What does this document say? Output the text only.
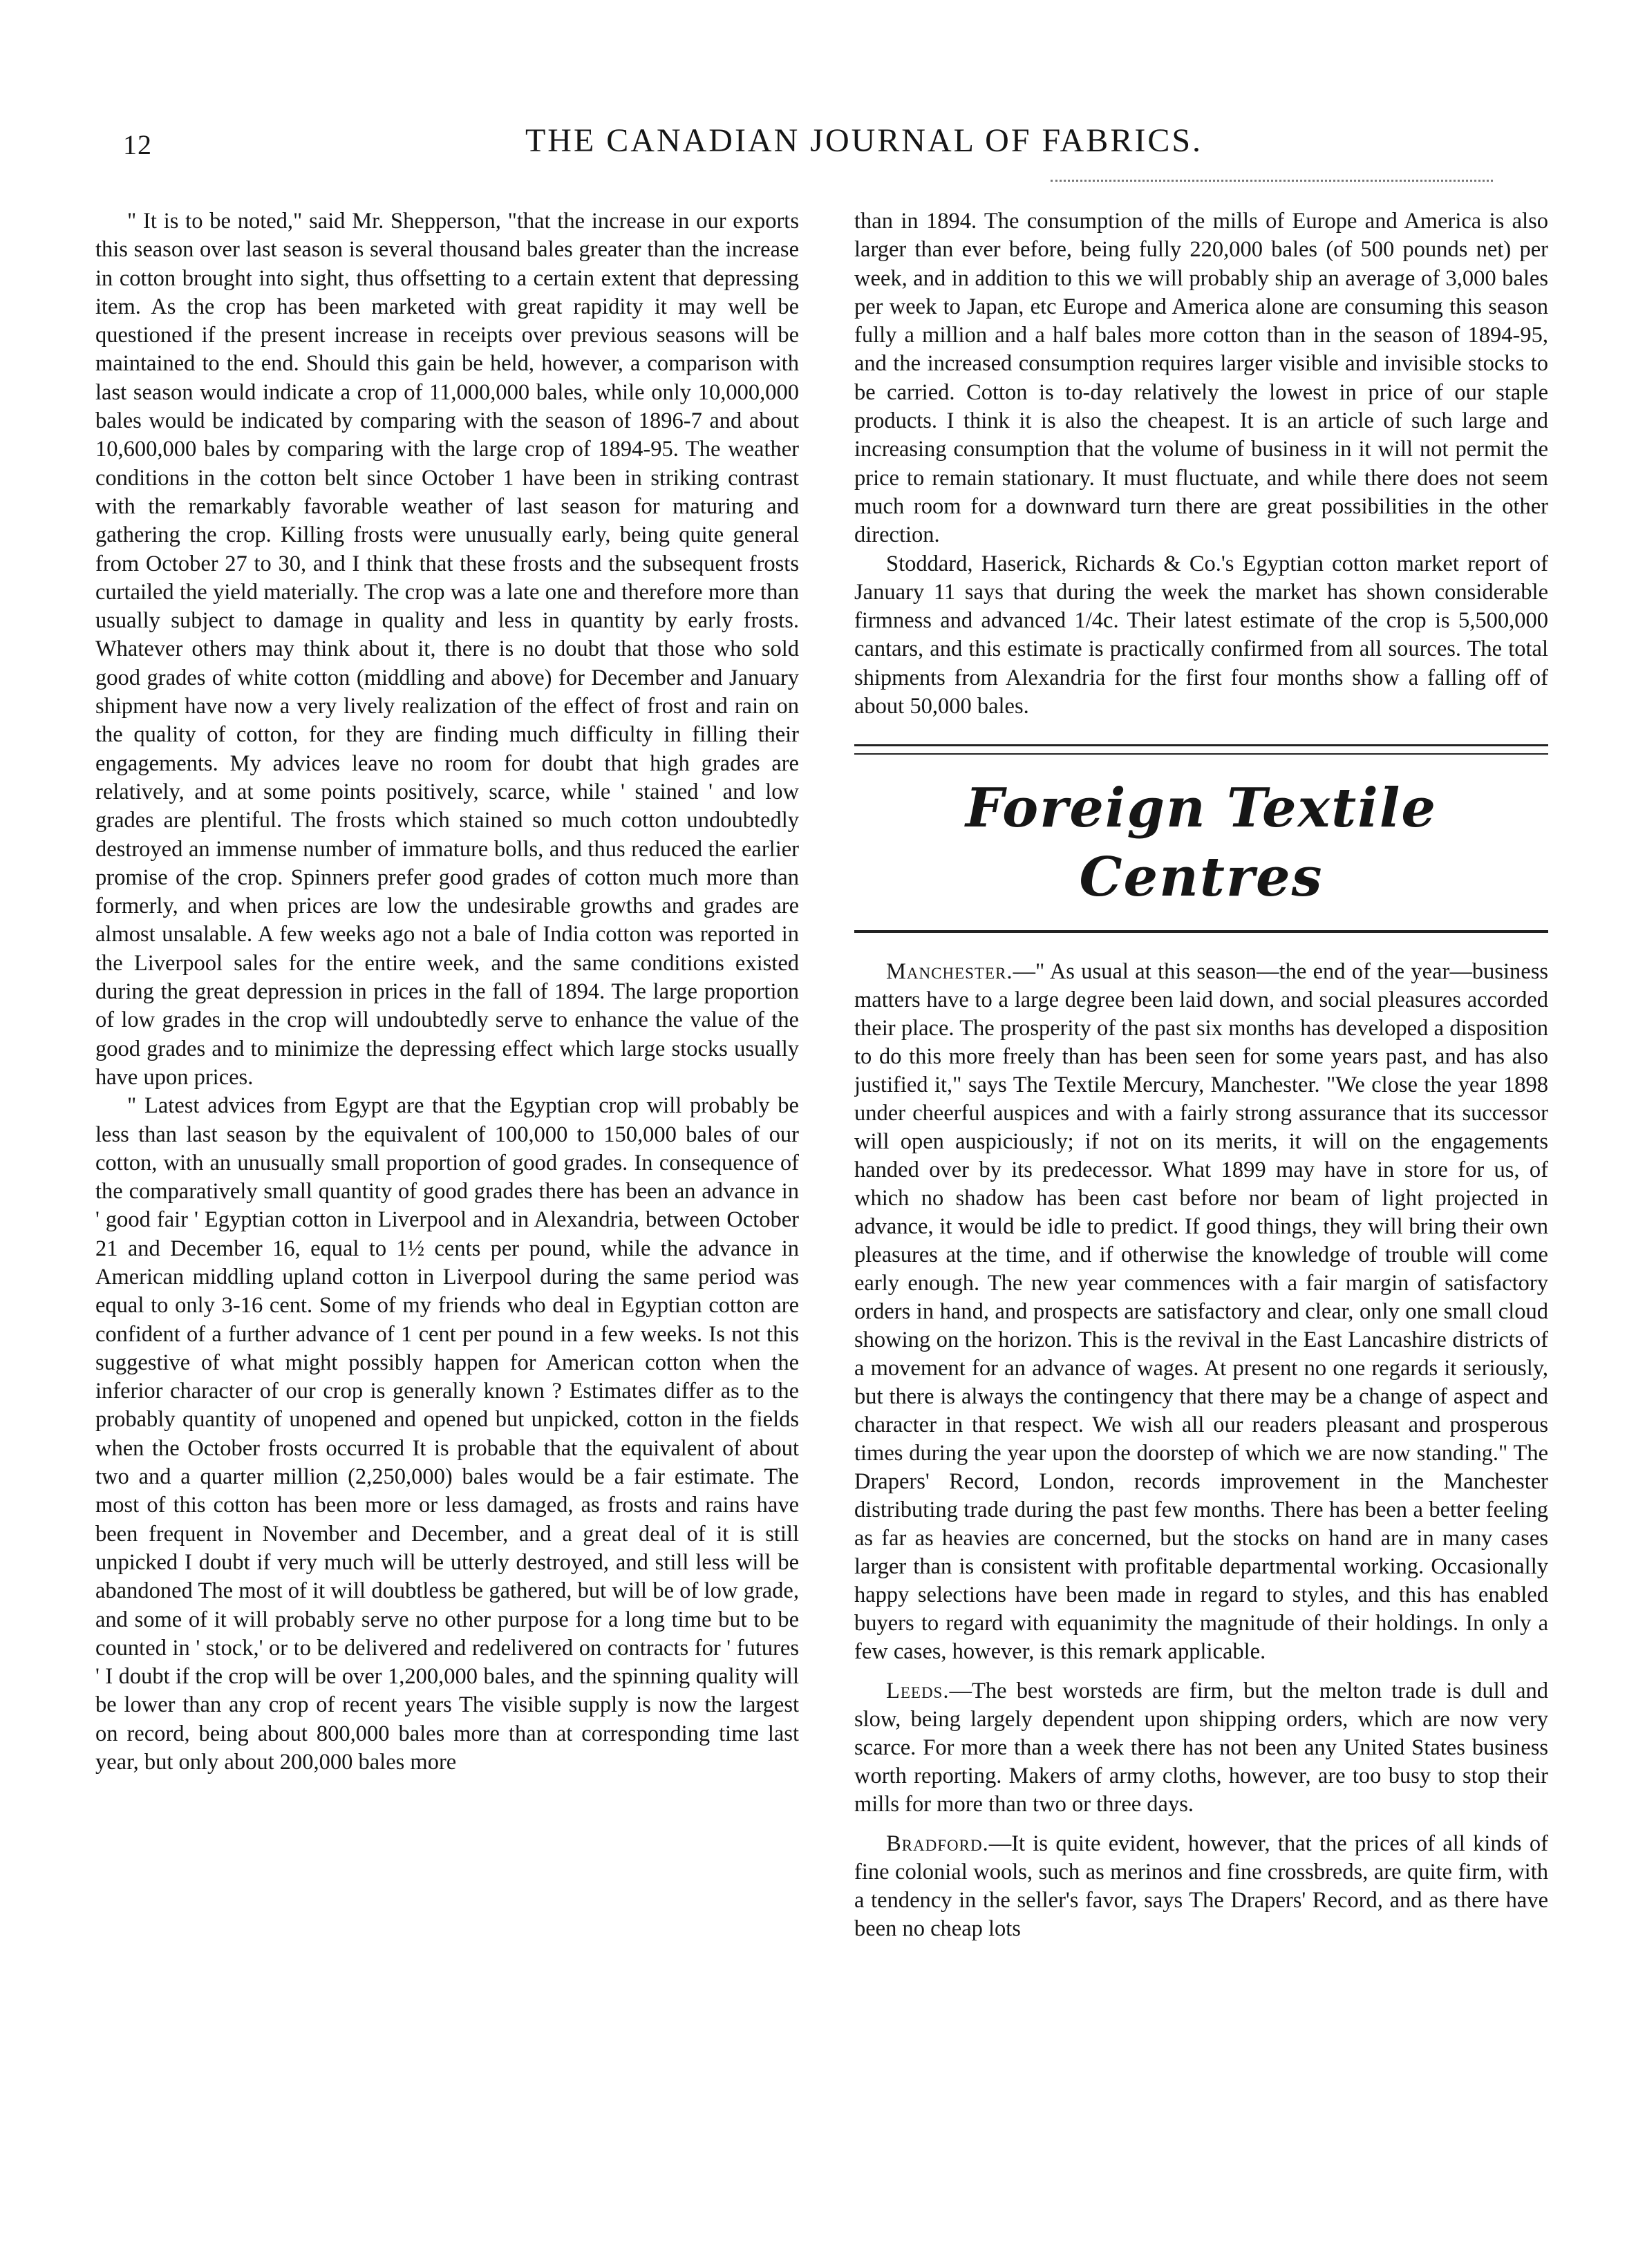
12	THE CANADIAN JOURNAL OF FABRICS.

" It is to be noted," said Mr. Shepperson, "that the increase in our exports this season over last season is several thousand bales greater than the increase in cotton brought into sight, thus offsetting to a certain extent that depressing item. As the crop has been marketed with great rapidity it may well be questioned if the present increase in receipts over previous seasons will be maintained to the end. Should this gain be held, however, a comparison with last season would indicate a crop of 11,000,000 bales, while only 10,000,000 bales would be indicated by comparing with the season of 1896-7 and about 10,600,000 bales by comparing with the large crop of 1894-95. The weather conditions in the cotton belt since October 1 have been in striking contrast with the remarkably favorable weather of last season for maturing and gathering the crop. Killing frosts were unusually early, being quite general from October 27 to 30, and I think that these frosts and the subsequent frosts curtailed the yield materially. The crop was a late one and therefore more than usually subject to damage in quality and less in quantity by early frosts. Whatever others may think about it, there is no doubt that those who sold good grades of white cotton (middling and above) for December and January shipment have now a very lively realization of the effect of frost and rain on the quality of cotton, for they are finding much difficulty in filling their engagements. My advices leave no room for doubt that high grades are relatively, and at some points positively, scarce, while ' stained ' and low grades are plentiful. The frosts which stained so much cotton undoubtedly destroyed an immense number of immature bolls, and thus reduced the earlier promise of the crop. Spinners prefer good grades of cotton much more than formerly, and when prices are low the undesirable growths and grades are almost unsalable. A few weeks ago not a bale of India cotton was reported in the Liverpool sales for the entire week, and the same conditions existed during the great depression in prices in the fall of 1894. The large proportion of low grades in the crop will undoubtedly serve to enhance the value of the good grades and to minimize the depressing effect which large stocks usually have upon prices.

" Latest advices from Egypt are that the Egyptian crop will probably be less than last season by the equivalent of 100,000 to 150,000 bales of our cotton, with an unusually small proportion of good grades. In consequence of the comparatively small quantity of good grades there has been an advance in ' good fair ' Egyptian cotton in Liverpool and in Alexandria, between October 21 and December 16, equal to 1½ cents per pound, while the advance in American middling upland cotton in Liverpool during the same period was equal to only 3-16 cent. Some of my friends who deal in Egyptian cotton are confident of a further advance of 1 cent per pound in a few weeks. Is not this suggestive of what might possibly happen for American cotton when the inferior character of our crop is generally known ? Estimates differ as to the probably quantity of unopened and opened but unpicked, cotton in the fields when the October frosts occurred It is probable that the equivalent of about two and a quarter million (2,250,000) bales would be a fair estimate. The most of this cotton has been more or less damaged, as frosts and rains have been frequent in November and December, and a great deal of it is still unpicked I doubt if very much will be utterly destroyed, and still less will be abandoned The most of it will doubtless be gathered, but will be of low grade, and some of it will probably serve no other purpose for a long time but to be counted in ' stock,' or to be delivered and redelivered on contracts for ' futures ' I doubt if the crop will be over 1,200,000 bales, and the spinning quality will be lower than any crop of recent years The visible supply is now the largest on record, being about 800,000 bales more than at corresponding time last year, but only about 200,000 bales more

than in 1894. The consumption of the mills of Europe and America is also larger than ever before, being fully 220,000 bales (of 500 pounds net) per week, and in addition to this we will probably ship an average of 3,000 bales per week to Japan, etc Europe and America alone are consuming this season fully a million and a half bales more cotton than in the season of 1894-95, and the increased consumption requires larger visible and invisible stocks to be carried. Cotton is to-day relatively the lowest in price of our staple products. I think it is also the cheapest. It is an article of such large and increasing consumption that the volume of business in it will not permit the price to remain stationary. It must fluctuate, and while there does not seem much room for a downward turn there are great possibilities in the other direction.

Stoddard, Haserick, Richards & Co.'s Egyptian cotton market report of January 11 says that during the week the market has shown considerable firmness and advanced 1/4c. Their latest estimate of the crop is 5,500,000 cantars, and this estimate is practically confirmed from all sources. The total shipments from Alexandria for the first four months show a falling off of about 50,000 bales.

Foreign Textile Centres

Manchester.—" As usual at this season—the end of the year—business matters have to a large degree been laid down, and social pleasures accorded their place. The prosperity of the past six months has developed a disposition to do this more freely than has been seen for some years past, and has also justified it," says The Textile Mercury, Manchester. "We close the year 1898 under cheerful auspices and with a fairly strong assurance that its successor will open auspiciously; if not on its merits, it will on the engagements handed over by its predecessor. What 1899 may have in store for us, of which no shadow has been cast before nor beam of light projected in advance, it would be idle to predict. If good things, they will bring their own pleasures at the time, and if otherwise the knowledge of trouble will come early enough. The new year commences with a fair margin of satisfactory orders in hand, and prospects are satisfactory and clear, only one small cloud showing on the horizon. This is the revival in the East Lancashire districts of a movement for an advance of wages. At present no one regards it seriously, but there is always the contingency that there may be a change of aspect and character in that respect. We wish all our readers pleasant and prosperous times during the year upon the doorstep of which we are now standing." The Drapers' Record, London, records improvement in the Manchester distributing trade during the past few months. There has been a better feeling as far as heavies are concerned, but the stocks on hand are in many cases larger than is consistent with profitable departmental working. Occasionally happy selections have been made in regard to styles, and this has enabled buyers to regard with equanimity the magnitude of their holdings. In only a few cases, however, is this remark applicable.

Leeds.—The best worsteds are firm, but the melton trade is dull and slow, being largely dependent upon shipping orders, which are now very scarce. For more than a week there has not been any United States business worth reporting. Makers of army cloths, however, are too busy to stop their mills for more than two or three days.

Bradford.—It is quite evident, however, that the prices of all kinds of fine colonial wools, such as merinos and fine crossbreds, are quite firm, with a tendency in the seller's favor, says The Drapers' Record, and as there have been no cheap lots
